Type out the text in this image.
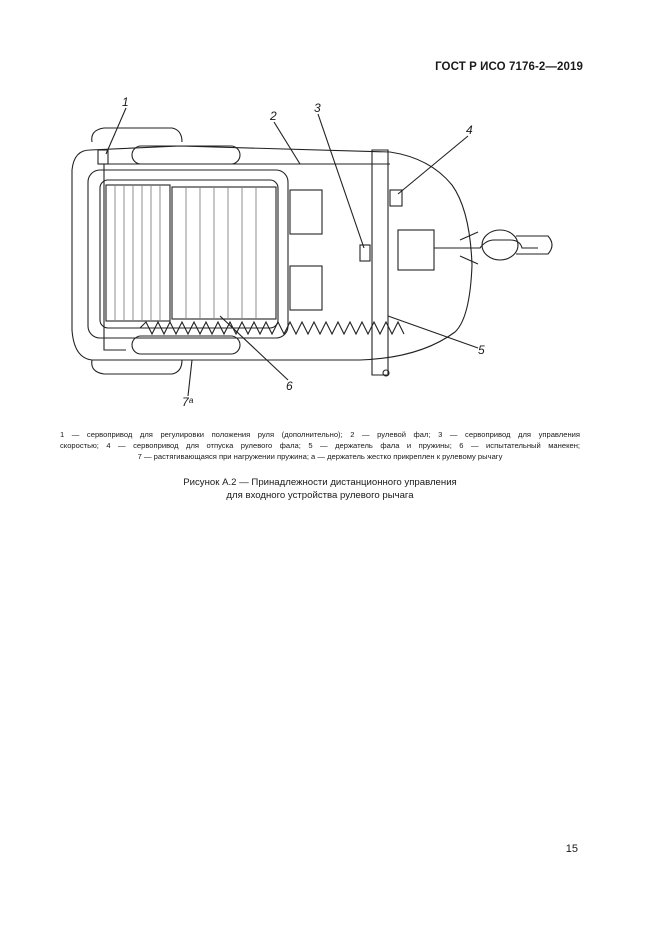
ГОСТ Р ИСО 7176-2—2019
1
2
3
4
5
6
7ᵃ
1 — сервопривод для регулировки положения руля (дополнительно); 2 — рулевой фал; 3 — сервопривод для управления
скоростью; 4 — сервопривод для отпуска рулевого фала; 5 — держатель фала и пружины; 6 — испытательный манекен;
7 — растягивающаяся при нагружении пружина; а — держатель жестко прикреплен к рулевому рычагу
Рисунок А.2 — Принадлежности дистанционного управления
для входного устройства рулевого рычага
15
